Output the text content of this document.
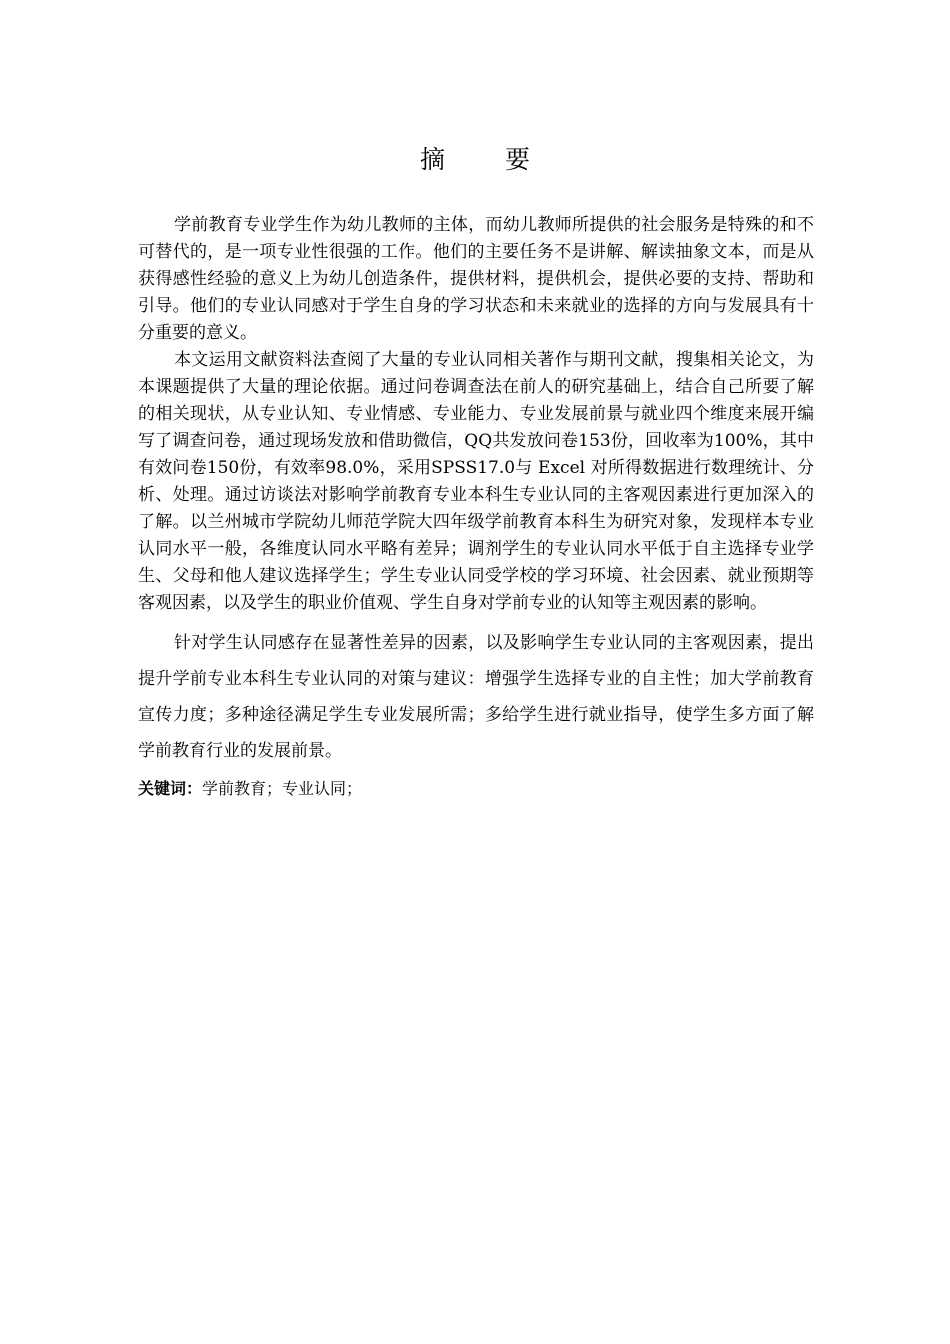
摘 要

学前教育专业学生作为幼儿教师的主体，而幼儿教师所提供的社会服务是特殊的和不可替代的，是一项专业性很强的工作。他们的主要任务不是讲解、解读抽象文本，而是从获得感性经验的意义上为幼儿创造条件，提供材料，提供机会，提供必要的支持、帮助和引导。他们的专业认同感对于学生自身的学习状态和未来就业的选择的方向与发展具有十分重要的意义。

本文运用文献资料法查阅了大量的专业认同相关著作与期刊文献，搜集相关论文，为本课题提供了大量的理论依据。通过问卷调查法在前人的研究基础上，结合自己所要了解的相关现状，从专业认知、专业情感、专业能力、专业发展前景与就业四个维度来展开编写了调查问卷，通过现场发放和借助微信，QQ共发放问卷153份，回收率为100%，其中有效问卷150份，有效率98.0%，采用SPSS17.0与 Excel 对所得数据进行数理统计、分析、处理。通过访谈法对影响学前教育专业本科生专业认同的主客观因素进行更加深入的了解。以兰州城市学院幼儿师范学院大四年级学前教育本科生为研究对象，发现样本专业认同水平一般，各维度认同水平略有差异；调剂学生的专业认同水平低于自主选择专业学生、父母和他人建议选择学生；学生专业认同受学校的学习环境、社会因素、就业预期等客观因素，以及学生的职业价值观、学生自身对学前专业的认知等主观因素的影响。

针对学生认同感存在显著性差异的因素，以及影响学生专业认同的主客观因素，提出提升学前专业本科生专业认同的对策与建议：增强学生选择专业的自主性；加大学前教育宣传力度；多种途径满足学生专业发展所需；多给学生进行就业指导，使学生多方面了解学前教育行业的发展前景。

关键词：学前教育；专业认同；
